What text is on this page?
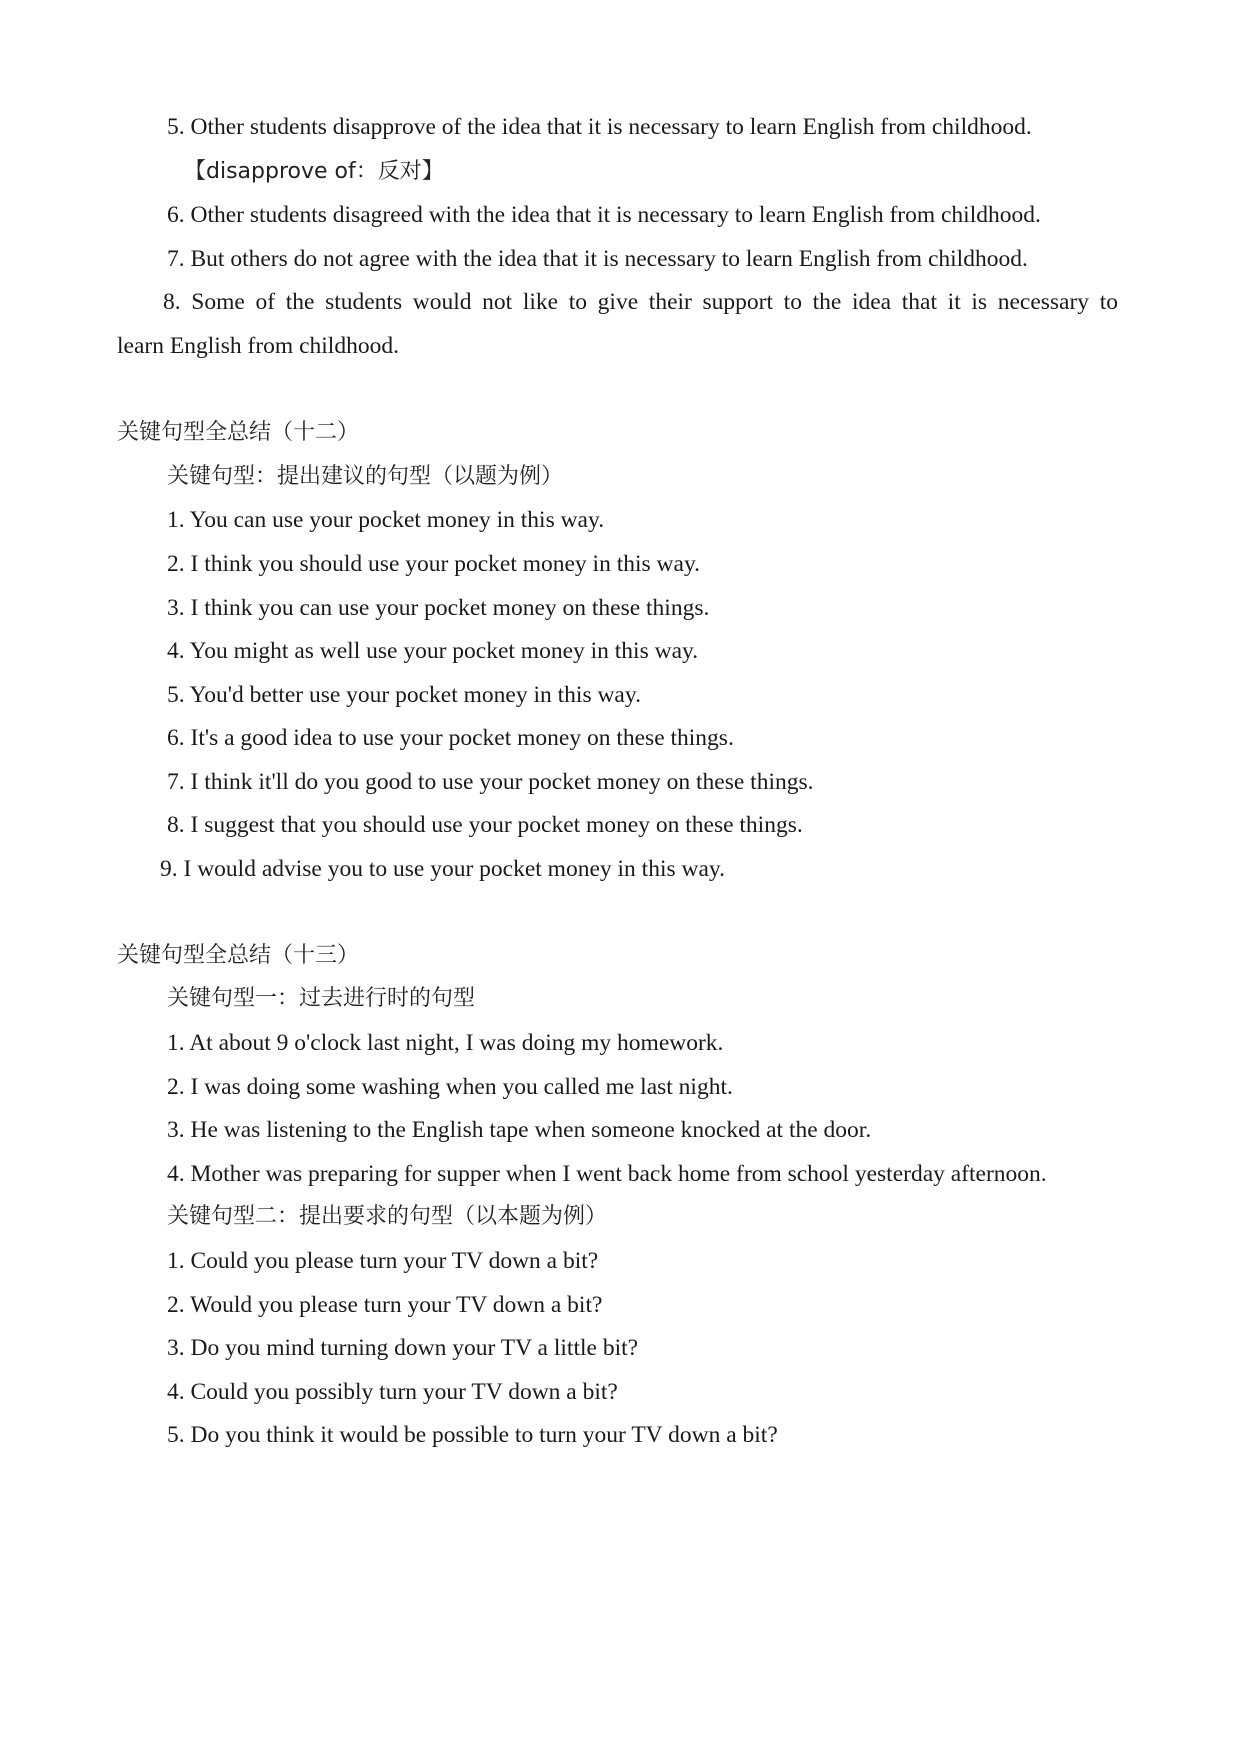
5. Other students disapprove of the idea that it is necessary to learn English from childhood.
【disapprove of：反对】
6. Other students disagreed with the idea that it is necessary to learn English from childhood.
7. But others do not agree with the idea that it is necessary to learn English from childhood.
8. Some of the students would not like to give their support to the idea that it is necessary to
learn English from childhood.
关键句型全总结（十二）
关键句型：提出建议的句型（以题为例）
1. You can use your pocket money in this way.
2. I think you should use your pocket money in this way.
3. I think you can use your pocket money on these things.
4. You might as well use your pocket money in this way.
5. You'd better use your pocket money in this way.
6. It's a good idea to use your pocket money on these things.
7. I think it'll do you good to use your pocket money on these things.
8. I suggest that you should use your pocket money on these things.
9. I would advise you to use your pocket money in this way.
关键句型全总结（十三）
关键句型一：过去进行时的句型
1. At about 9 o'clock last night, I was doing my homework.
2. I was doing some washing when you called me last night.
3. He was listening to the English tape when someone knocked at the door.
4. Mother was preparing for supper when I went back home from school yesterday afternoon.
关键句型二：提出要求的句型（以本题为例）
1. Could you please turn your TV down a bit?
2. Would you please turn your TV down a bit?
3. Do you mind turning down your TV a little bit?
4. Could you possibly turn your TV down a bit?
5. Do you think it would be possible to turn your TV down a bit?
